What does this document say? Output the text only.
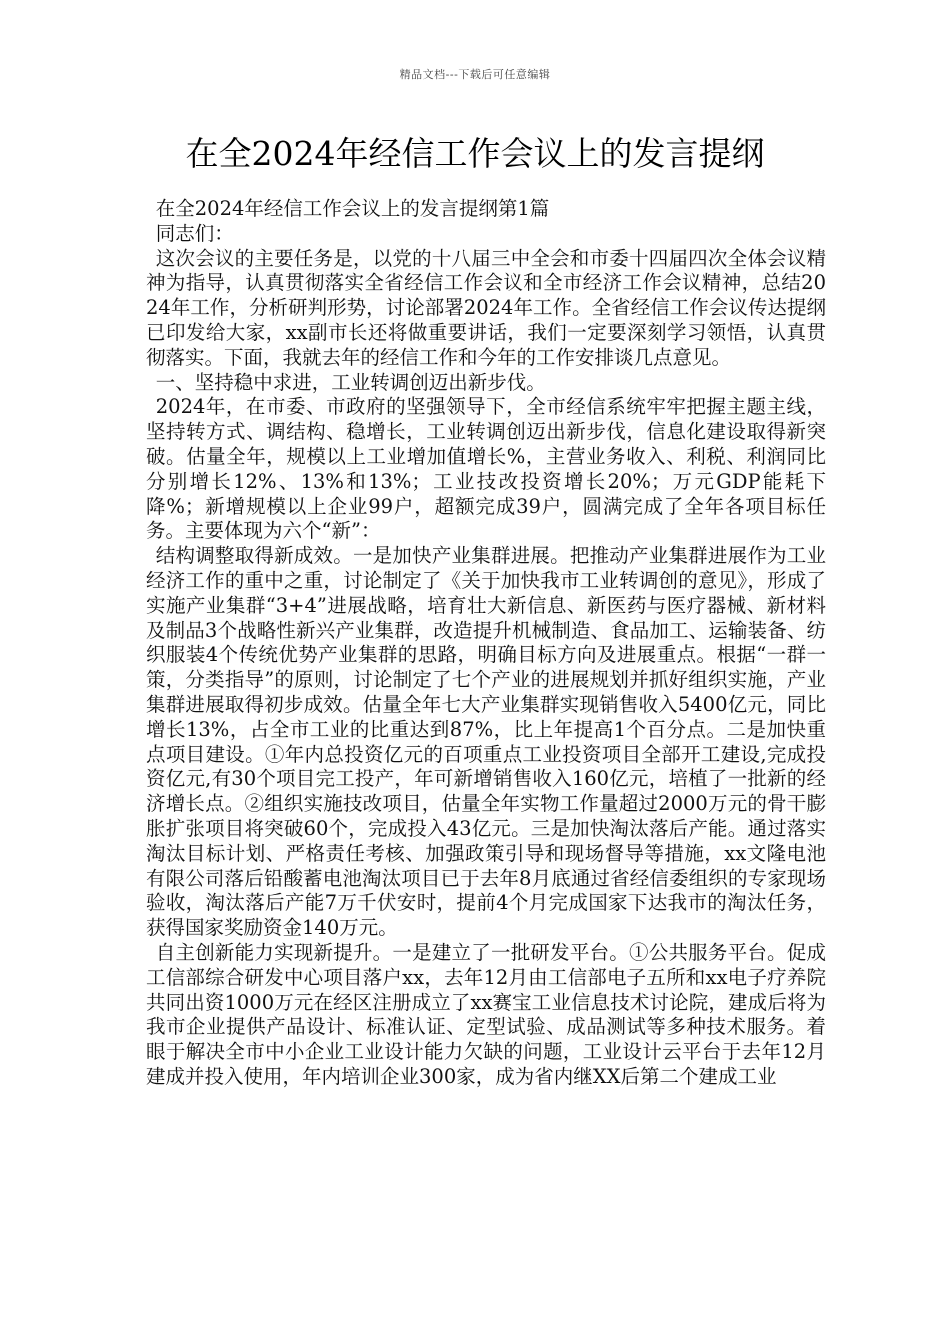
精品文档---下载后可任意编辑
在全2024年经信工作会议上的发言提纲

在全2024年经信工作会议上的发言提纲第1篇

同志们：

这次会议的主要任务是，以党的十八届三中全会和市委十四届四次全体会议精神为指导，认真贯彻落实全省经信工作会议和全市经济工作会议精神，总结2024年工作，分析研判形势，讨论部署2024年工作。全省经信工作会议传达提纲已印发给大家，xx副市长还将做重要讲话，我们一定要深刻学习领悟，认真贯彻落实。下面，我就去年的经信工作和今年的工作安排谈几点意见。

一、坚持稳中求进，工业转调创迈出新步伐。

2024年，在市委、市政府的坚强领导下，全市经信系统牢牢把握主题主线，坚持转方式、调结构、稳增长，工业转调创迈出新步伐，信息化建设取得新突破。估量全年，规模以上工业增加值增长%，主营业务收入、利税、利润同比分别增长12%、13%和13%；工业技改投资增长20%；万元GDP能耗下降%；新增规模以上企业99户，超额完成39户，圆满完成了全年各项目标任务。主要体现为六个“新”：

结构调整取得新成效。一是加快产业集群进展。把推动产业集群进展作为工业经济工作的重中之重，讨论制定了《关于加快我市工业转调创的意见》，形成了实施产业集群“3+4”进展战略，培育壮大新信息、新医药与医疗器械、新材料及制品3个战略性新兴产业集群，改造提升机械制造、食品加工、运输装备、纺织服装4个传统优势产业集群的思路，明确目标方向及进展重点。根据“一群一策，分类指导”的原则，讨论制定了七个产业的进展规划并抓好组织实施，产业集群进展取得初步成效。估量全年七大产业集群实现销售收入5400亿元，同比增长13%，占全市工业的比重达到87%，比上年提高1个百分点。二是加快重点项目建设。①年内总投资亿元的百项重点工业投资项目全部开工建设,完成投资亿元,有30个项目完工投产，年可新增销售收入160亿元，培植了一批新的经济增长点。②组织实施技改项目，估量全年实物工作量超过2000万元的骨干膨胀扩张项目将突破60个，完成投入43亿元。三是加快淘汰落后产能。通过落实淘汰目标计划、严格责任考核、加强政策引导和现场督导等措施，xx文隆电池有限公司落后铅酸蓄电池淘汰项目已于去年8月底通过省经信委组织的专家现场验收，淘汰落后产能7万千伏安时，提前4个月完成国家下达我市的淘汰任务，获得国家奖励资金140万元。

自主创新能力实现新提升。一是建立了一批研发平台。①公共服务平台。促成工信部综合研发中心项目落户xx，去年12月由工信部电子五所和xx电子疗养院共同出资1000万元在经区注册成立了xx赛宝工业信息技术讨论院，建成后将为我市企业提供产品设计、标准认证、定型试验、成品测试等多种技术服务。着眼于解决全市中小企业工业设计能力欠缺的问题，工业设计云平台于去年12月建成并投入使用，年内培训企业300家，成为省内继XX后第二个建成工业
